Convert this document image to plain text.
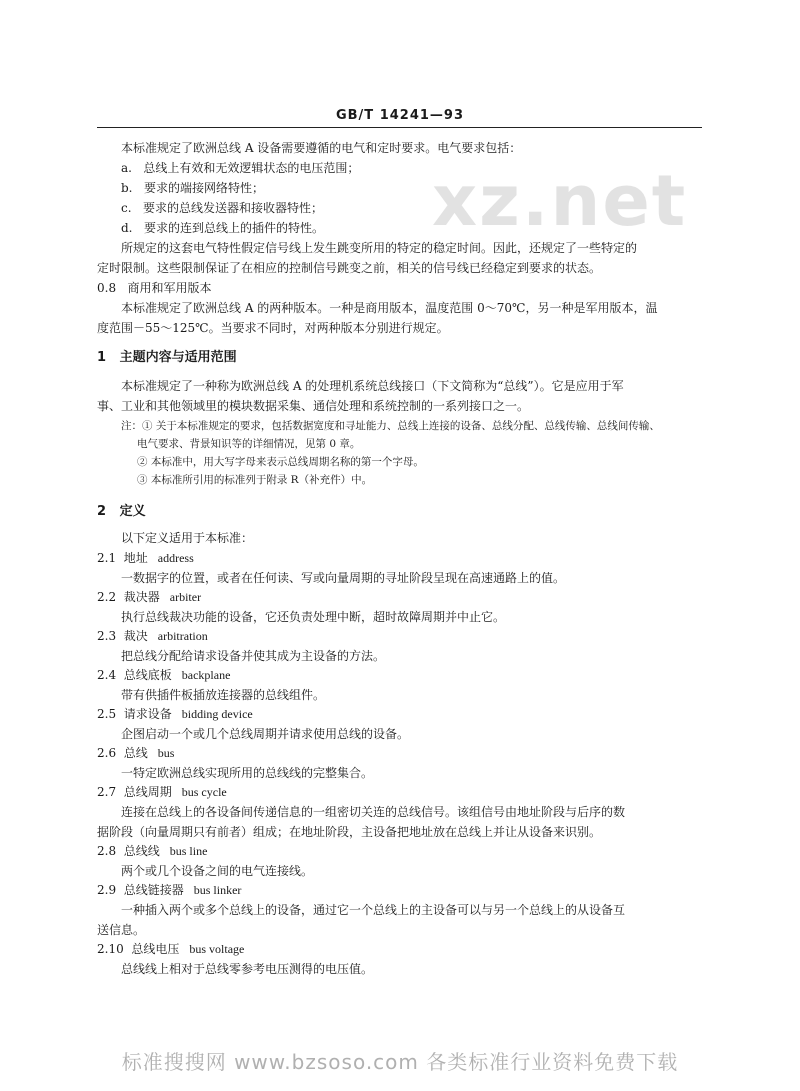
GB/T 14241—93
xz.net
本标准规定了欧洲总线 A 设备需要遵循的电气和定时要求。电气要求包括：
a. 总线上有效和无效逻辑状态的电压范围；
b. 要求的端接网络特性；
c. 要求的总线发送器和接收器特性；
d. 要求的连到总线上的插件的特性。
所规定的这套电气特性假定信号线上发生跳变所用的特定的稳定时间。因此，还规定了一些特定的
定时限制。这些限制保证了在相应的控制信号跳变之前，相关的信号线已经稳定到要求的状态。
0.8 商用和军用版本
本标准规定了欧洲总线 A 的两种版本。一种是商用版本，温度范围 0～70℃，另一种是军用版本，温
度范围－55～125℃。当要求不同时，对两种版本分别进行规定。
1 主题内容与适用范围
本标准规定了一种称为欧洲总线 A 的处理机系统总线接口（下文简称为“总线”）。它是应用于军
事、工业和其他领域里的模块数据采集、通信处理和系统控制的一系列接口之一。
注：① 关于本标准规定的要求，包括数据宽度和寻址能力、总线上连接的设备、总线分配、总线传输、总线间传输、
电气要求、背景知识等的详细情况，见第 0 章。
② 本标准中，用大写字母来表示总线周期名称的第一个字母。
③ 本标准所引用的标准列于附录 R（补充件）中。
2 定义
以下定义适用于本标准：
2.1 地址 address
一数据字的位置，或者在任何读、写或向量周期的寻址阶段呈现在高速通路上的值。
2.2 裁决器 arbiter
执行总线裁决功能的设备，它还负责处理中断，超时故障周期并中止它。
2.3 裁决 arbitration
把总线分配给请求设备并使其成为主设备的方法。
2.4 总线底板 backplane
带有供插件板插放连接器的总线组件。
2.5 请求设备 bidding device
企图启动一个或几个总线周期并请求使用总线的设备。
2.6 总线 bus
一特定欧洲总线实现所用的总线线的完整集合。
2.7 总线周期 bus cycle
连接在总线上的各设备间传递信息的一组密切关连的总线信号。该组信号由地址阶段与后序的数
据阶段（向量周期只有前者）组成；在地址阶段，主设备把地址放在总线上并让从设备来识别。
2.8 总线线 bus line
两个或几个设备之间的电气连接线。
2.9 总线链接器 bus linker
一种插入两个或多个总线上的设备，通过它一个总线上的主设备可以与另一个总线上的从设备互
送信息。
2.10 总线电压 bus voltage
总线线上相对于总线零参考电压测得的电压值。
标准搜搜网 www.bzsoso.com 各类标准行业资料免费下载
